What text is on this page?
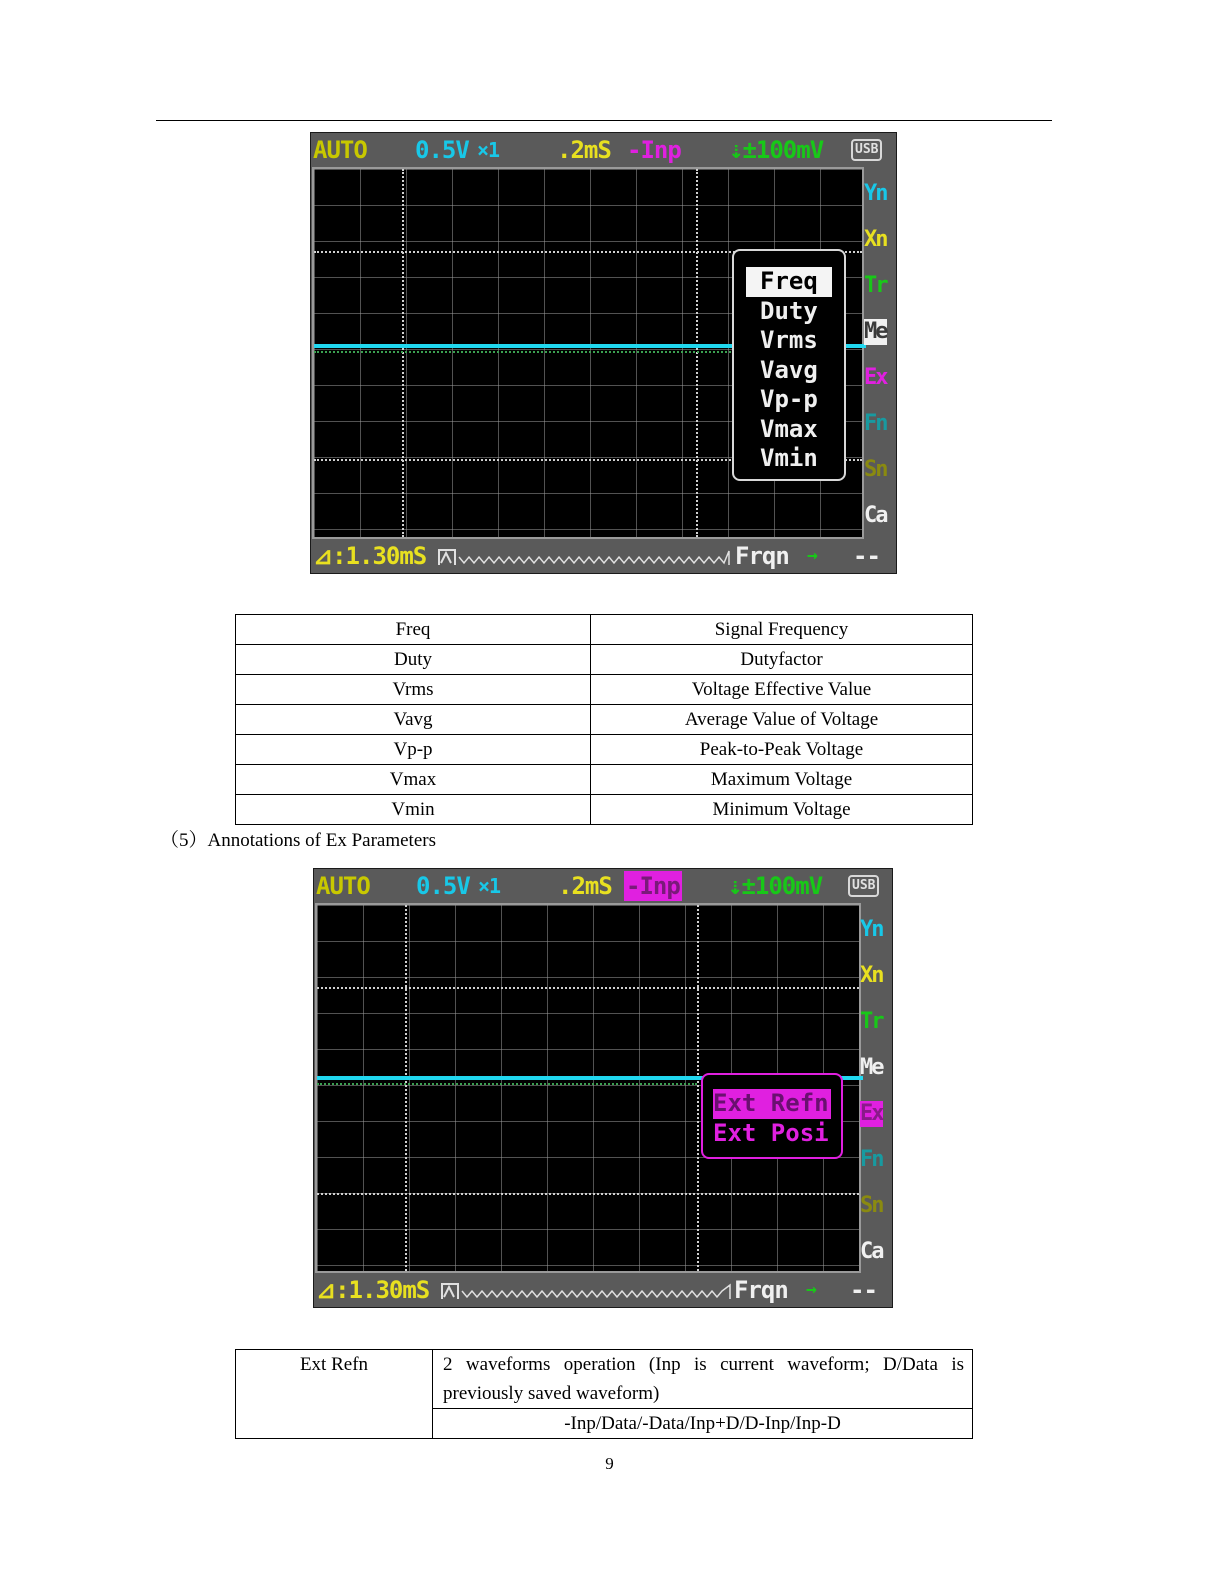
AUTO 0.5V ×1 .2mS -Inp ⇣±100mV	USB
Freq
Duty
Vrms
Vavg
Vp-p
Vmax
Vmin
Yn
Xn
Tr
Me
Ex
Fn
Sn
Ca
⊿:1.30mS	Frqn → --
Freq	Signal Frequency
Duty	Dutyfactor
Vrms	Voltage Effective Value
Vavg	Average Value of Voltage
Vp-p	Peak-to-Peak Voltage
Vmax	Maximum Voltage
Vmin	Minimum Voltage
（5）Annotations of Ex Parameters
AUTO 0.5V ×1 .2mS -Inp ⇣±100mV	USB
Ext Refn
Ext Posi
Yn
Xn
Tr
Me
Ex
Fn
Sn
Ca
⊿:1.30mS	Frqn → --
Ext Refn	2 waveforms operation (Inp is current waveform; D/Data is previously saved waveform)
-Inp/Data/-Data/Inp+D/D-Inp/Inp-D
9
